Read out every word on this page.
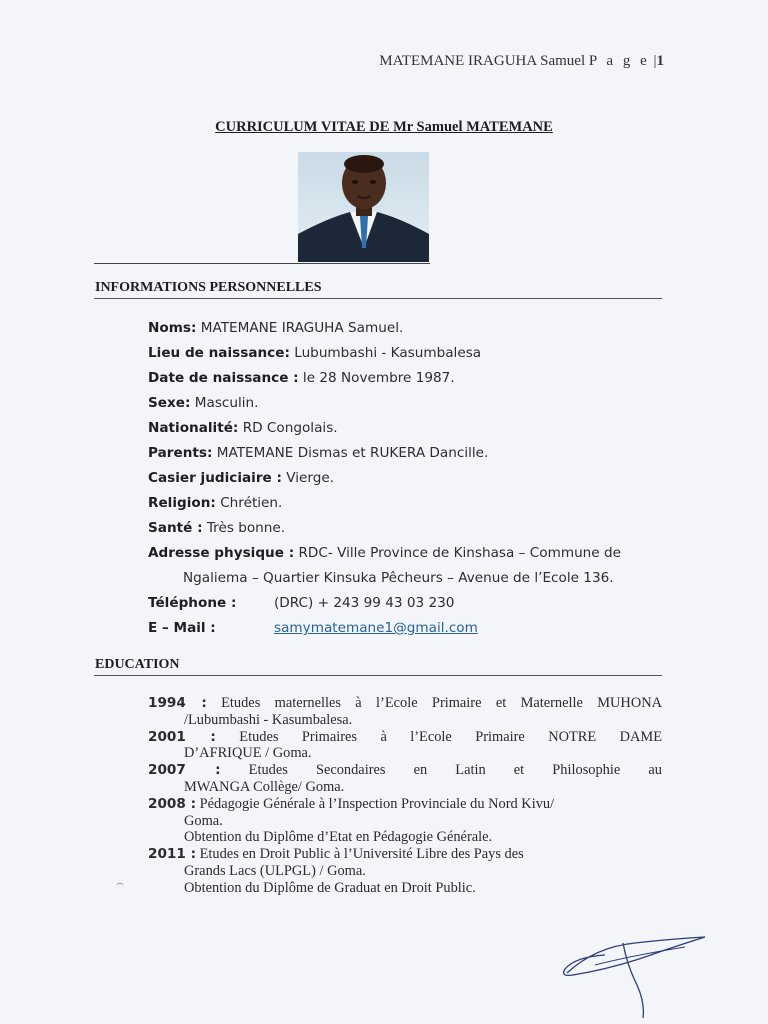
MATEMANE IRAGUHA Samuel P a g e |1
CURRICULUM VITAE DE Mr Samuel MATEMANE
INFORMATIONS PERSONNELLES
Noms: MATEMANE IRAGUHA Samuel.
Lieu de naissance: Lubumbashi - Kasumbalesa
Date de naissance : le 28 Novembre 1987.
Sexe: Masculin.
Nationalité: RD Congolais.
Parents: MATEMANE Dismas et RUKERA Dancille.
Casier judiciaire : Vierge.
Religion: Chrétien.
Santé : Très bonne.
Adresse physique : RDC- Ville Province de Kinshasa – Commune de
Ngaliema – Quartier Kinsuka Pêcheurs – Avenue de l’Ecole 136.
Téléphone :	(DRC) + 243 99 43 03 230
E – Mail :	samymatemane1@gmail.com
EDUCATION
1994 : Etudes maternelles à l’Ecole Primaire et Maternelle MUHONA
/Lubumbashi - Kasumbalesa.
2001 : Etudes Primaires à l’Ecole Primaire NOTRE DAME
D’AFRIQUE / Goma.
2007 : Etudes Secondaires en Latin et Philosophie au
MWANGA Collège/ Goma.
2008 : Pédagogie Générale à l’Inspection Provinciale du Nord Kivu/
Goma.
Obtention du Diplôme d’Etat en Pédagogie Générale.
2011 : Etudes en Droit Public à l’Université Libre des Pays des
Grands Lacs (ULPGL) / Goma.
Obtention du Diplôme de Graduat en Droit Public.
⌢
